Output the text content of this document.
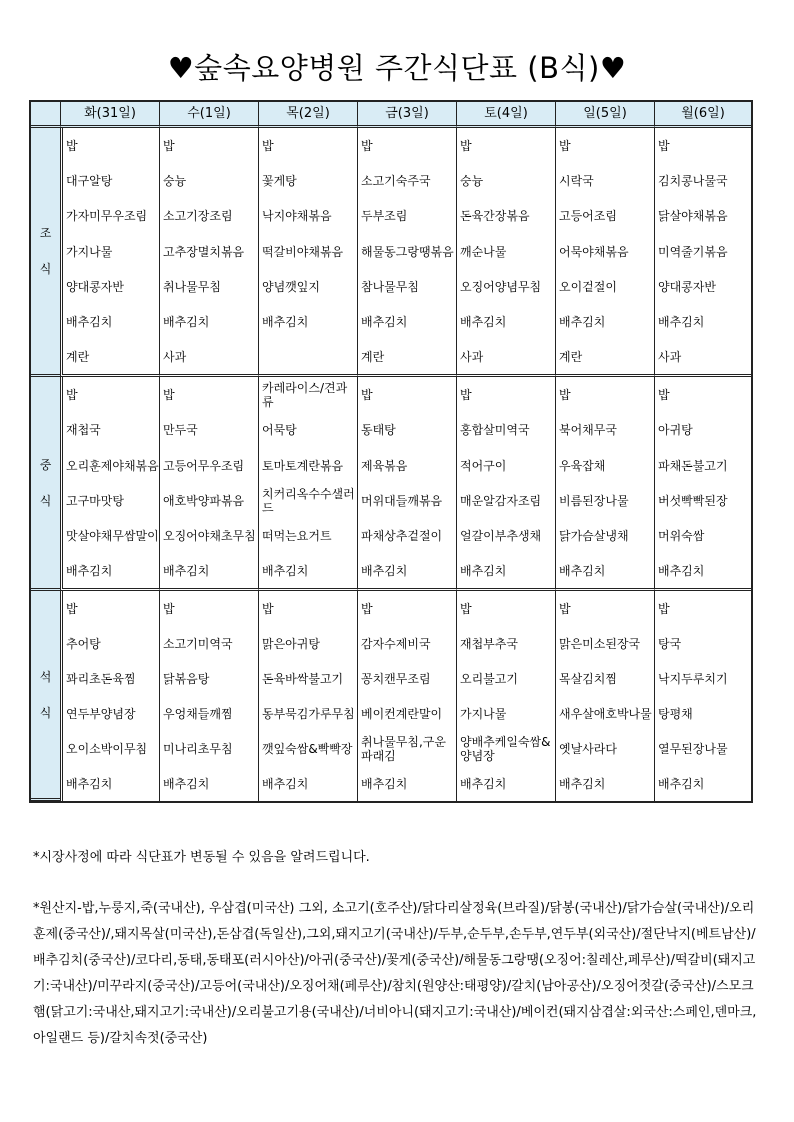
♥숲속요양병원 주간식단표 (B식)♥
	화(31일)	수(1일)	목(2일)	금(3일)	토(4일)	일(5일)	월(6일)

조
식	밥	밥	밥	밥	밥	밥	밥
	대구알탕	숭늉	꽃게탕	소고기숙주국	숭늉	시락국	김치콩나물국
	가자미무우조림	소고기장조림	낙지야채볶음	두부조림	돈육간장볶음	고등어조림	닭살야채볶음
	가지나물	고추장멸치볶음	떡갈비야채볶음	해물동그랑땡볶음	깨순나물	어묵야채볶음	미역줄기볶음
	양대콩자반	취나물무침	양념깻잎지	참나물무침	오징어양념무침	오이겉절이	양대콩자반
	배추김치	배추김치	배추김치	배추김치	배추김치	배추김치	배추김치
	계란	사과		계란	사과	계란	사과

중
식	밥	밥	카레라이스/견과류	밥	밥	밥	밥
	재첩국	만두국	어묵탕	동태탕	홍합살미역국	북어채무국	아귀탕
	오리훈제야채볶음	고등어무우조림	토마토계란볶음	제육볶음	적어구이	우육잡채	파채돈불고기
	고구마맛탕	애호박양파볶음	치커리옥수수샐러드	머위대들깨볶음	매운알감자조림	비름된장나물	버섯빡빡된장
	맛살야채무쌈말이	오징어야채초무침	떠먹는요거트	파채상추겉절이	얼갈이부추생채	닭가슴살냉채	머위숙쌈
	배추김치	배추김치	배추김치	배추김치	배추김치	배추김치	배추김치

석
식	밥	밥	밥	밥	밥	밥	밥
	추어탕	소고기미역국	맑은아귀탕	감자수제비국	재첩부추국	맑은미소된장국	탕국
	꽈리초돈육찜	닭볶음탕	돈육바싹불고기	꽁치캔무조림	오리불고기	목살김치찜	낙지두루치기
	연두부양념장	우엉채들깨찜	동부묵김가루무침	베이컨계란말이	가지나물	새우살애호박나물	탕평채
	오이소박이무침	미나리초무침	깻잎숙쌈&빡빡장	취나물무침,구운파래김	양배추케일숙쌈&양념장	옛날사라다	열무된장나물
	배추김치	배추김치	배추김치	배추김치	배추김치	배추김치	배추김치
*시장사정에 따라 식단표가 변동될 수 있음을 알려드립니다.
*원산지-밥,누룽지,죽(국내산), 우삼겹(미국산) 그외, 소고기(호주산)/닭다리살정육(브라질)/닭봉(국내산)/닭가슴살(국내산)/오리훈제(중국산)/,돼지목살(미국산),돈삼겹(독일산),그외,돼지고기(국내산)/두부,순두부,손두부,연두부(외국산)/절단낙지(베트남산)/배추김치(중국산)/코다리,동태,동태포(러시아산)/아귀(중국산)/꽃게(중국산)/해물동그랑땡(오징어:칠레산,페루산)/떡갈비(돼지고기:국내산)/미꾸라지(중국산)/고등어(국내산)/오징어채(페루산)/참치(원양산:태평양)/갈치(남아공산)/오징어젓갈(중국산)/스모크햄(닭고기:국내산,돼지고기:국내산)/오리불고기용(국내산)/너비아니(돼지고기:국내산)/베이컨(돼지삼겹살:외국산:스페인,덴마크,아일랜드 등)/갈치속젓(중국산)
